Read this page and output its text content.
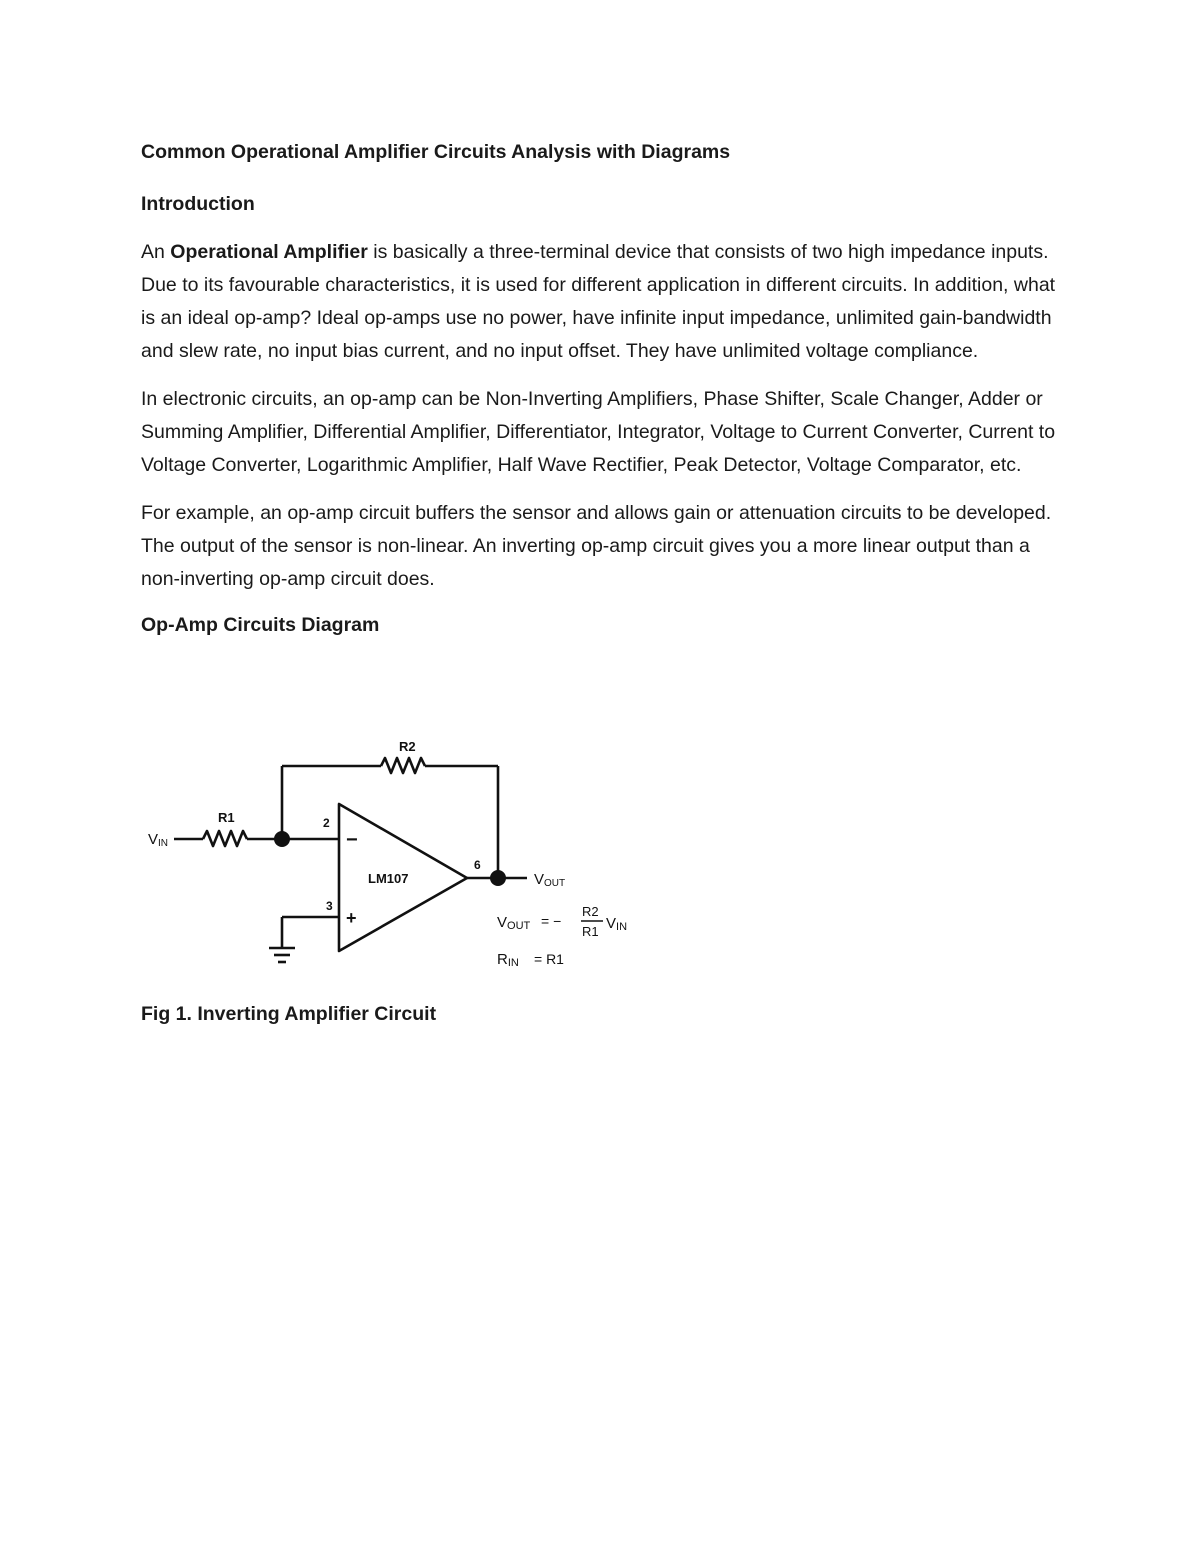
Common Operational Amplifier Circuits Analysis with Diagrams

Introduction

An Operational Amplifier is basically a three-terminal device that consists of two high impedance inputs. Due to its favourable characteristics, it is used for different application in different circuits. In addition, what is an ideal op-amp? Ideal op-amps use no power, have infinite input impedance, unlimited gain-bandwidth and slew rate, no input bias current, and no input offset. They have unlimited voltage compliance.

In electronic circuits, an op-amp can be Non-Inverting Amplifiers, Phase Shifter, Scale Changer, Adder or Summing Amplifier, Differential Amplifier, Differentiator, Integrator, Voltage to Current Converter, Current to Voltage Converter, Logarithmic Amplifier, Half Wave Rectifier, Peak Detector, Voltage Comparator, etc.

For example, an op-amp circuit buffers the sensor and allows gain or attenuation circuits to be developed. The output of the sensor is non-linear. An inverting op-amp circuit gives you a more linear output than a non-inverting op-amp circuit does.

Op-Amp Circuits Diagram

R1
R2
VIN
2
3
6
−
+
LM107	VOUT
VOUT = −
R2
R1 VIN
RIN = R1

Fig 1. Inverting Amplifier Circuit
